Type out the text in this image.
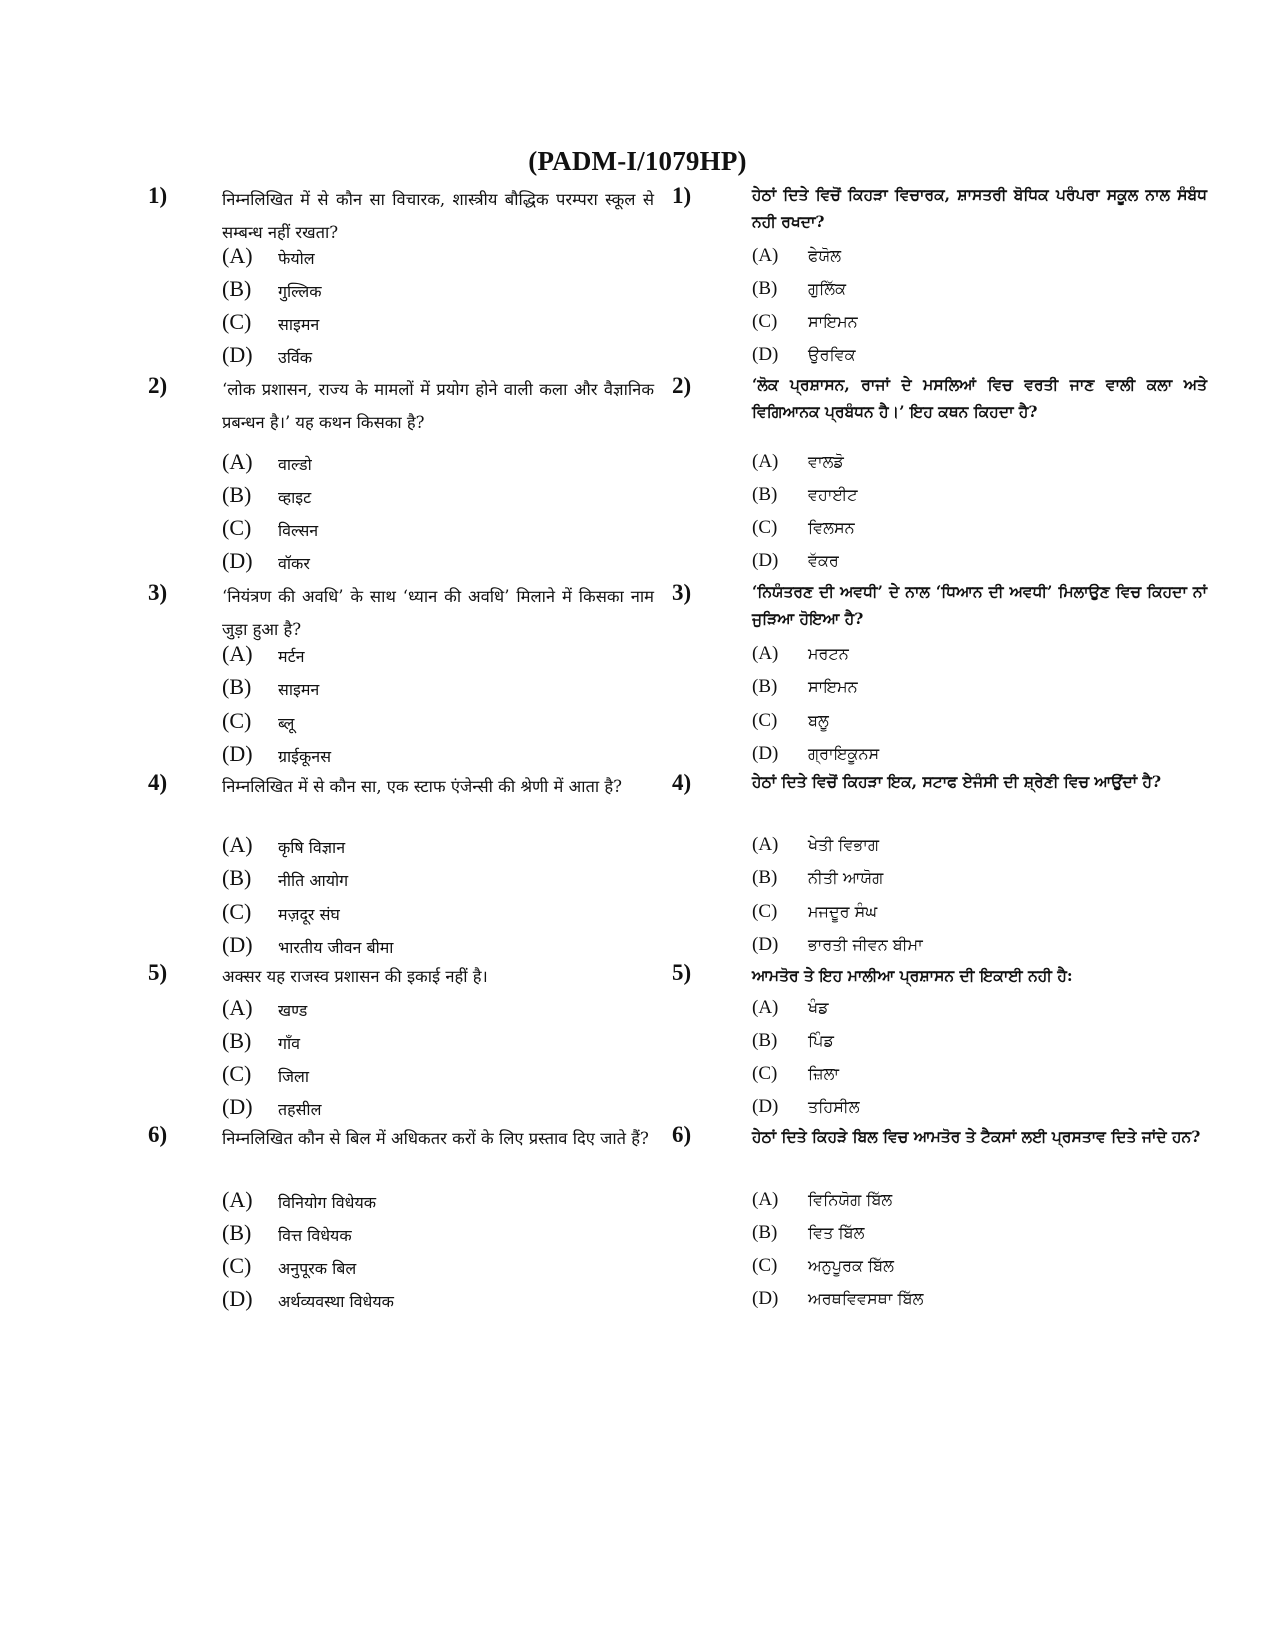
(PADM-I/1079HP)
1)	निम्नलिखित में से कौन सा विचारक, शास्त्रीय बौद्धिक परम्परा स्कूल से सम्बन्ध नहीं रखता?
(A) फेयोल
(B) गुल्लिक
(C) साइमन
(D) उर्विक
1)	ਹੇਠਾਂ ਦਿਤੇ ਵਿਚੋਂ ਕਿਹੜਾ ਵਿਚਾਰਕ, ਸ਼ਾਸਤਰੀ ਬੋਧਿਕ ਪਰੰਪਰਾ ਸਕੂਲ ਨਾਲ ਸੰਬੰਧ ਨਹੀ ਰਖਦਾ?
(A) ਫੇਯੋਲ
(B) ਗੁਲਿੱਕ
(C) ਸਾਇਮਨ
(D) ਉਰਵਿਕ
2)	‘लोक प्रशासन, राज्य के मामलों में प्रयोग होने वाली कला और वैज्ञानिक प्रबन्धन है।’ यह कथन किसका है?
(A) वाल्डो
(B) व्हाइट
(C) विल्सन
(D) वॉकर
2)	‘ਲੋਕ ਪ੍ਰਸ਼ਾਸਨ, ਰਾਜਾਂ ਦੇ ਮਸਲਿਆਂ ਵਿਚ ਵਰਤੀ ਜਾਣ ਵਾਲੀ ਕਲਾ ਅਤੇ ਵਿਗਿਆਨਕ ਪ੍ਰਬੰਧਨ ਹੈ।’ ਇਹ ਕਥਨ ਕਿਹਦਾ ਹੈ?
(A) ਵਾਲਡੋ
(B) ਵਹਾਈਟ
(C) ਵਿਲਸਨ
(D) ਵੱਕਰ
3)	‘नियंत्रण की अवधि’ के साथ ‘ध्यान की अवधि’ मिलाने में किसका नाम जुड़ा हुआ है?
(A) मर्टन
(B) साइमन
(C) ब्लू
(D) ग्राईकूनस
3)	‘ਨਿਯੰਤਰਣ ਦੀ ਅਵਧੀ’ ਦੇ ਨਾਲ ‘ਧਿਆਨ ਦੀ ਅਵਧੀ’ ਮਿਲਾਉਣ ਵਿਚ ਕਿਹਦਾ ਨਾਂ ਜੁੜਿਆ ਹੋਇਆ ਹੈ?
(A) ਮਰਟਨ
(B) ਸਾਇਮਨ
(C) ਬਲੂ
(D) ਗ੍ਰਾਇਕੂਨਸ
4)	निम्नलिखित में से कौन सा, एक स्टाफ एंजेन्सी की श्रेणी में आता है?
(A) कृषि विज्ञान
(B) नीति आयोग
(C) मज़दूर संघ
(D) भारतीय जीवन बीमा
4)	ਹੇਠਾਂ ਦਿਤੇ ਵਿਚੋਂ ਕਿਹੜਾ ਇਕ, ਸਟਾਫ ਏਜੰਸੀ ਦੀ ਸ਼੍ਰੇਣੀ ਵਿਚ ਆਉਂਦਾਂ ਹੈ?
(A) ਖੇਤੀ ਵਿਭਾਗ
(B) ਨੀਤੀ ਆਯੋਗ
(C) ਮਜਦੂਰ ਸੰਘ
(D) ਭਾਰਤੀ ਜੀਵਨ ਬੀਮਾ
5)	अक्सर यह राजस्व प्रशासन की इकाई नहीं है।
(A) खण्ड
(B) गाँव
(C) जिला
(D) तहसील
5)	ਆਮਤੋਰ ਤੇ ਇਹ ਮਾਲੀਆ ਪ੍ਰਸ਼ਾਸਨ ਦੀ ਇਕਾਈ ਨਹੀ ਹੈ:
(A) ਖੰਡ
(B) ਪਿੰਡ
(C) ਜ਼ਿਲਾ
(D) ਤਹਿਸੀਲ
6)	निम्नलिखित कौन से बिल में अधिकतर करों के लिए प्रस्ताव दिए जाते हैं?
(A) विनियोग विधेयक
(B) वित्त विधेयक
(C) अनुपूरक बिल
(D) अर्थव्यवस्था विधेयक
6)	ਹੇਠਾਂ ਦਿਤੇ ਕਿਹੜੇ ਬਿਲ ਵਿਚ ਆਮਤੋਰ ਤੇ ਟੈਕਸਾਂ ਲਈ ਪ੍ਰਸਤਾਵ ਦਿਤੇ ਜਾਂਦੇ ਹਨ?
(A) ਵਿਨਿਯੋਗ ਬਿੱਲ
(B) ਵਿਤ ਬਿੱਲ
(C) ਅਨੁਪੂਰਕ ਬਿੱਲ
(D) ਅਰਥਵਿਵਸਥਾ ਬਿੱਲ
